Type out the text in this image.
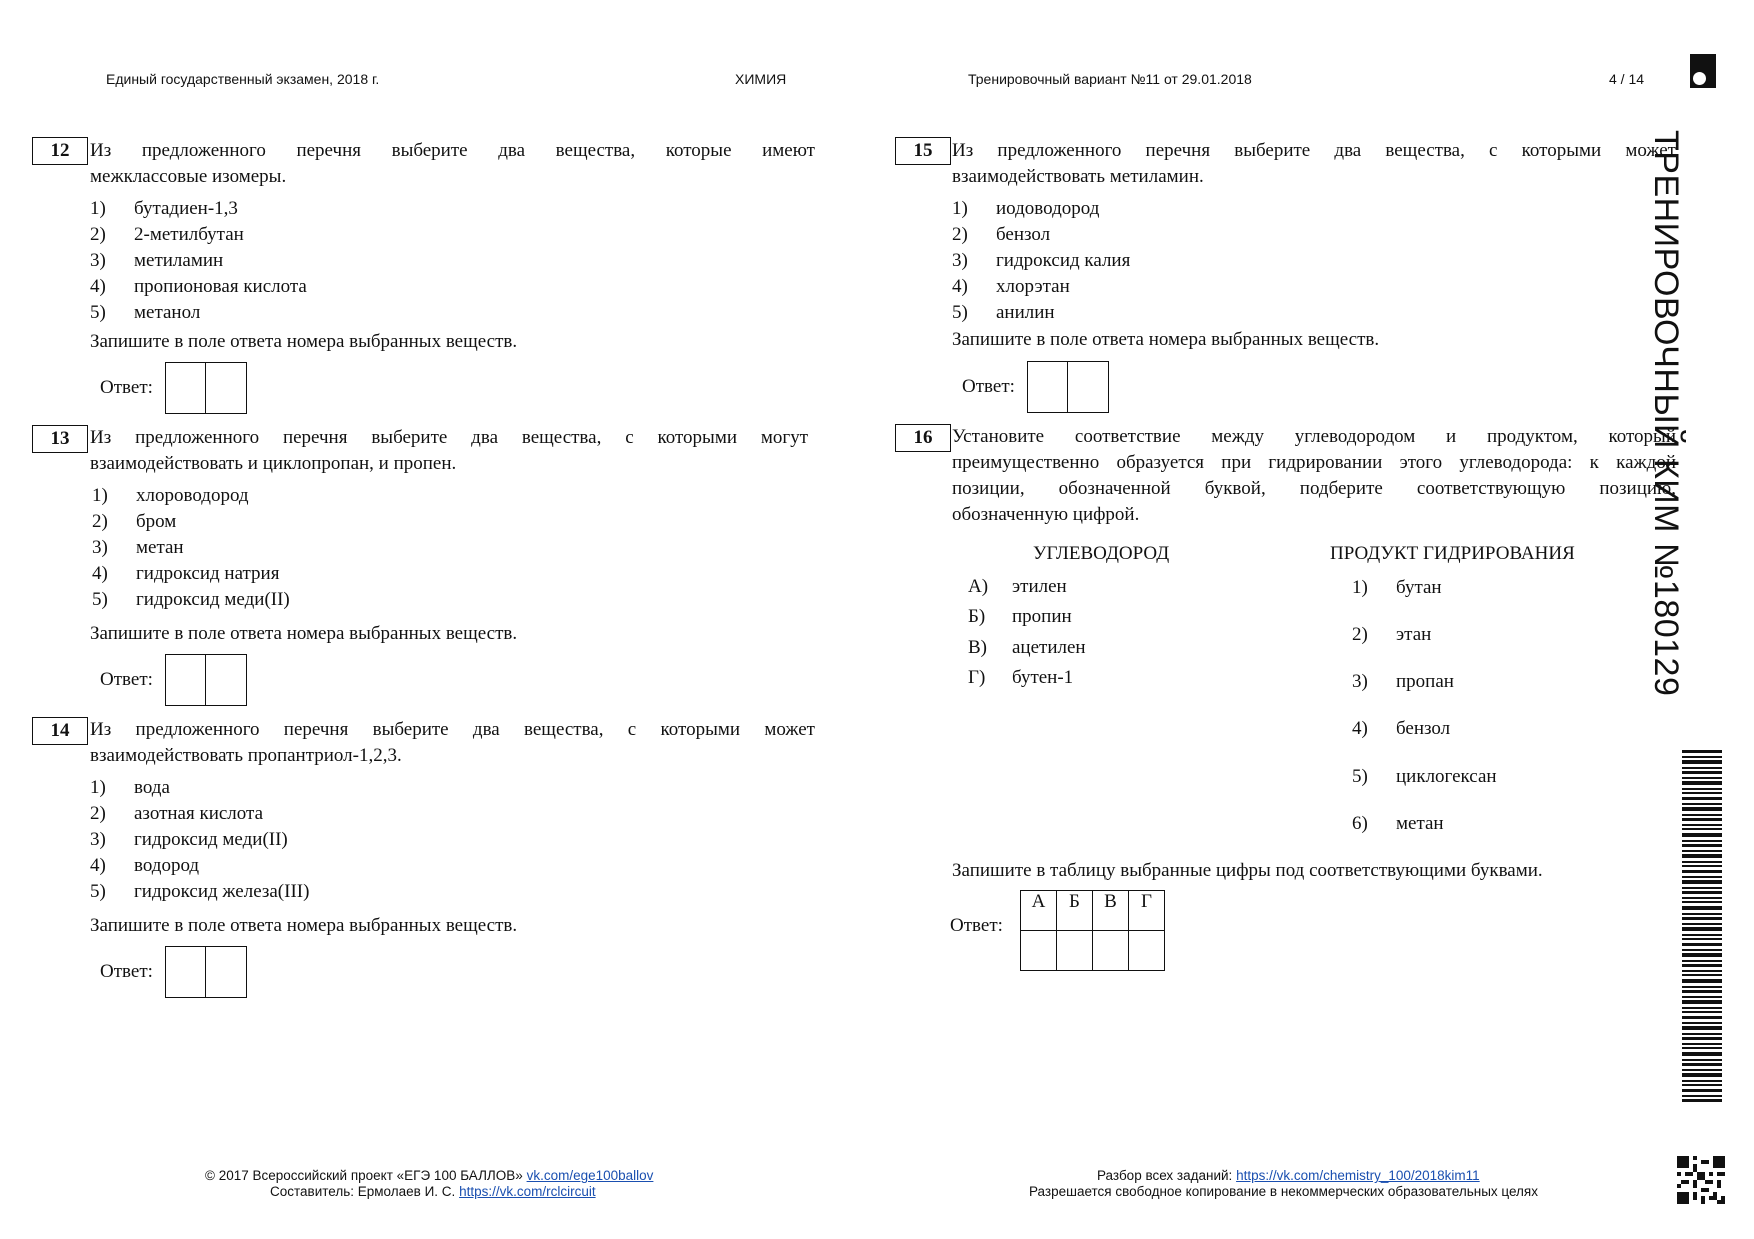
Единый государственный экзамен, 2018 г.	ХИМИЯ	Тренировочный вариант №11 от 29.01.2018	4 / 14
ТРЕНИРОВОЧНЫЙ КИМ №180129
12	Из предложенного перечня выберите два вещества, которые имеют
межклассовые изомеры.
1)	бутадиен-1,3
2)	2-метилбутан
3)	метиламин
4)	пропионовая кислота
5)	метанол
Запишите в поле ответа номера выбранных веществ.
Ответ:
13	Из предложенного перечня выберите два вещества, с которыми могут
взаимодействовать и циклопропан, и пропен.
1)	хлороводород
2)	бром
3)	метан
4)	гидроксид натрия
5)	гидроксид меди(II)
Запишите в поле ответа номера выбранных веществ.
Ответ:
14	Из предложенного перечня выберите два вещества, с которыми может
взаимодействовать пропантриол-1,2,3.
1)	вода
2)	азотная кислота
3)	гидроксид меди(II)
4)	водород
5)	гидроксид железа(III)
Запишите в поле ответа номера выбранных веществ.
Ответ:
15	Из предложенного перечня выберите два вещества, с которыми может
взаимодействовать метиламин.
1)	иодоводород
2)	бензол
3)	гидроксид калия
4)	хлорэтан
5)	анилин
Запишите в поле ответа номера выбранных веществ.
Ответ:
16	Установите соответствие между углеводородом и продуктом, который
преимущественно образуется при гидрировании этого углеводорода: к каждой
позиции, обозначенной буквой, подберите соответствующую позицию,
обозначенную цифрой.
УГЛЕВОДОРОД	ПРОДУКТ ГИДРИРОВАНИЯ
А)	этилен
Б)	пропин
В)	ацетилен
Г)	бутен-1
1)	бутан
2)	этан
3)	пропан
4)	бензол
5)	циклогексан
6)	метан
Запишите в таблицу выбранные цифры под соответствующими буквами.
Ответ:
А	Б	В	Г

© 2017 Всероссийский проект «ЕГЭ 100 БАЛЛОВ» vk.com/ege100ballov
Составитель: Ермолаев И. С. https://vk.com/rclcircuit
Разбор всех заданий: https://vk.com/chemistry_100/2018kim11
Разрешается свободное копирование в некоммерческих образовательных целях
